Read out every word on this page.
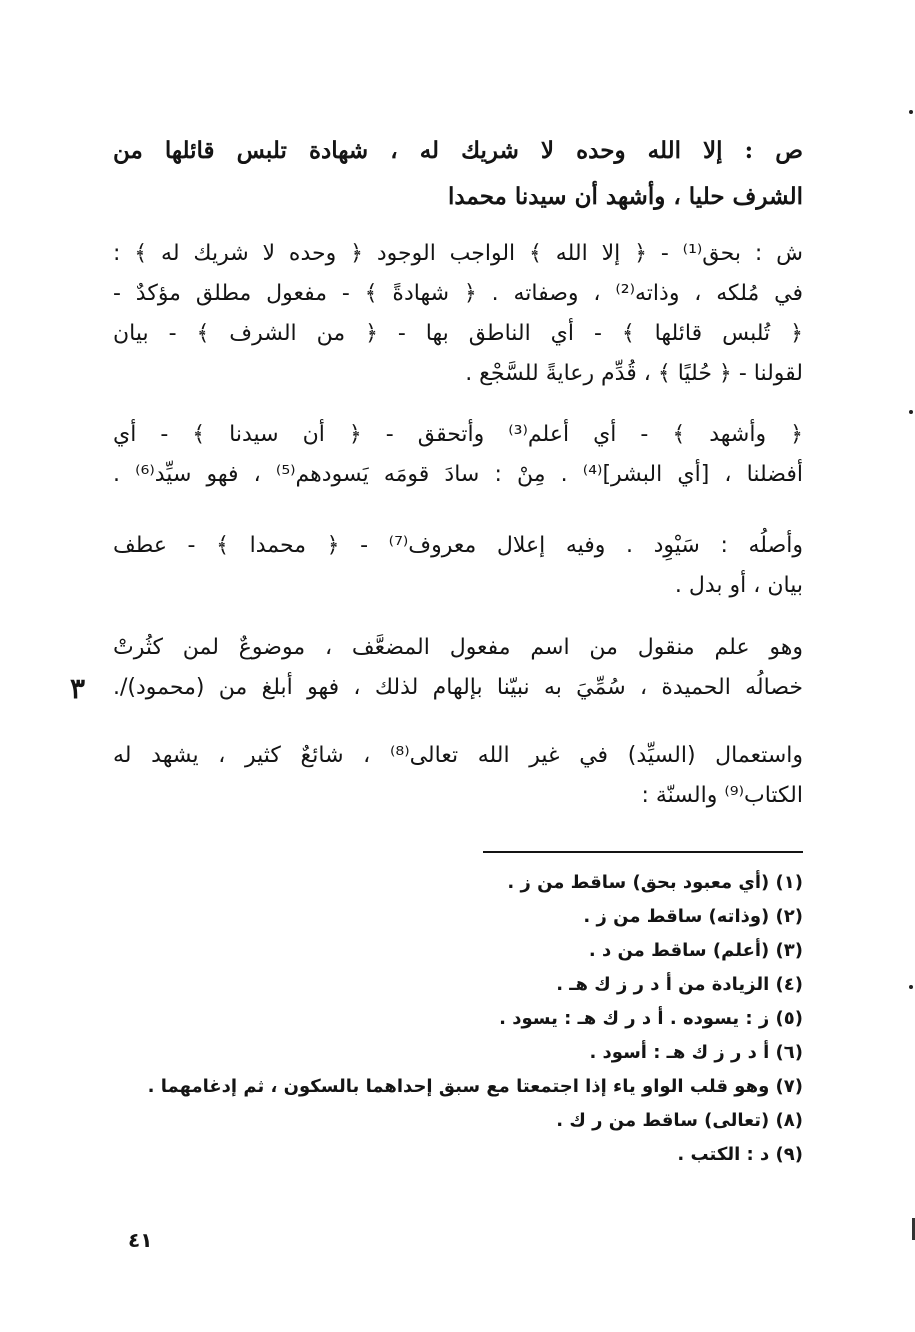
ص : إلا الله وحده لا شريك له ، شهادة تلبس قائلها من
الشرف حليا ، وأشهد أن سيدنا محمدا
ش : بحق⁽¹⁾ - ﴿ إلا الله ﴾ الواجب الوجود ﴿ وحده لا شريك له ﴾ :
في مُلكه ، وذاته⁽²⁾ ، وصفاته . ﴿ شهادةً ﴾ - مفعول مطلق مؤكدٌ -
﴿ تُلبس قائلها ﴾ - أي الناطق بها - ﴿ من الشرف ﴾ - بيان
لقولنا - ﴿ حُليًا ﴾ ، قُدِّم رعايةً للسَّجْع .
﴿ وأشهد ﴾ - أي أعلم⁽³⁾ وأتحقق - ﴿ أن سيدنا ﴾ - أي
أفضلنا ، [أي البشر]⁽⁴⁾ . مِنْ : سادَ قومَه يَسودهم⁽⁵⁾ ، فهو سيِّد⁽⁶⁾ .
وأصلُه : سَيْوِد . وفيه إعلال معروف⁽⁷⁾ - ﴿ محمدا ﴾ - عطف
بيان ، أو بدل .
وهو علم منقول من اسم مفعول المضعَّف ، موضوعٌ لمن كثُرتْ
خصالُه الحميدة ، سُمِّيَ به نبيّنا بإلهام لذلك ، فهو أبلغ من (محمود)/.
٣
واستعمال (السيِّد) في غير الله تعالى⁽⁸⁾ ، شائعٌ كثير ، يشهد له
الكتاب⁽⁹⁾ والسنّة :
(١) (أي معبود بحق) ساقط من ز .
(٢) (وذاته) ساقط من ز .
(٣) (أعلم) ساقط من د .
(٤) الزيادة من أ د ر ز ك هـ .
(٥) ز : يسوده . أ د ر ك هـ : يسود .
(٦) أ د ر ز ك هـ : أسود .
(٧) وهو قلب الواو ياء إذا اجتمعتا مع سبق إحداهما بالسكون ، ثم إدغامهما .
(٨) (تعالى) ساقط من ر ك .
(٩) د : الكتب .
٤١
